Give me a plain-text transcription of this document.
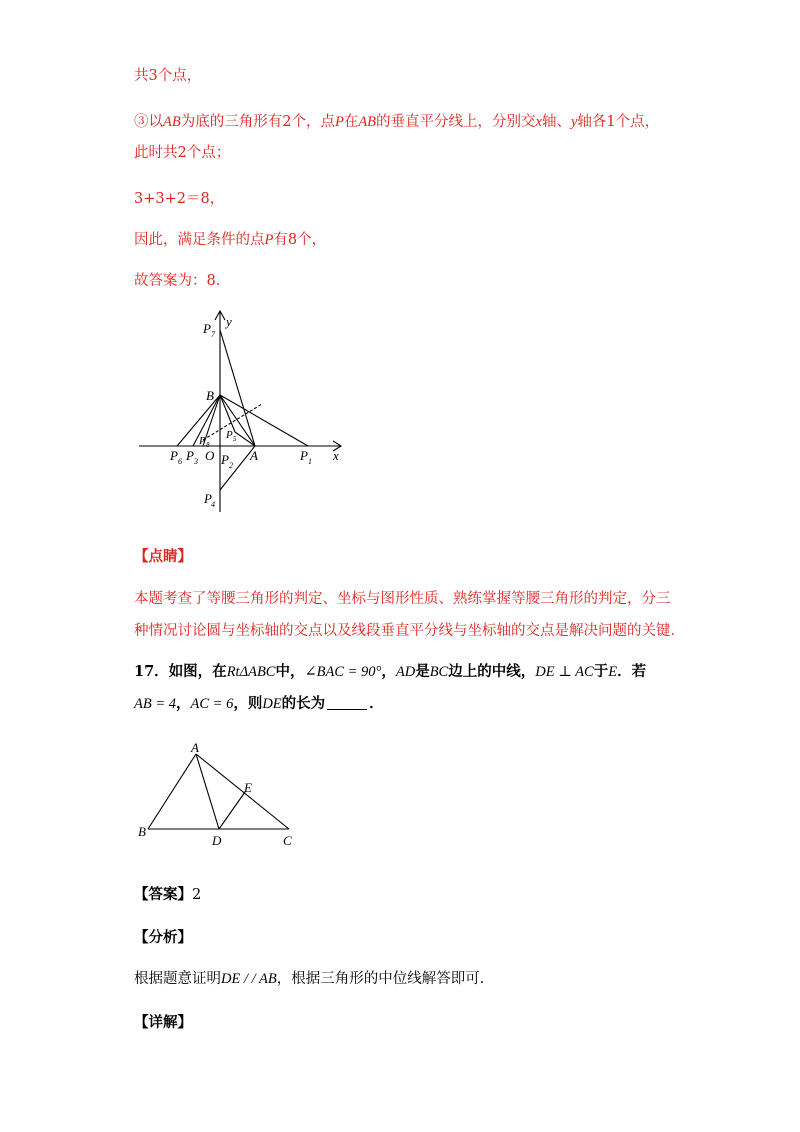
共3个点，
③以AB为底的三角形有2个，点P在AB的垂直平分线上，分别交x轴、y轴各1个点，
此时共2个点；
3+3+2＝8，
因此，满足条件的点P有8个，
故答案为：8．
y
x
B
O	A
P 7
P 1
P 2
P 3
P 4
P 5
P 6
P 8
【点睛】
本题考查了等腰三角形的判定、坐标与图形性质、熟练掌握等腰三角形的判定，分三
种情况讨论圆与坐标轴的交点以及线段垂直平分线与坐标轴的交点是解决问题的关键．
17．如图，在RtΔABC中，∠BAC = 90°，AD是BC边上的中线，DE ⊥ AC于E．若
AB = 4，AC = 6，则DE的长为	．
A
E
B
D	C
【答案】2
【分析】
根据题意证明DE / / AB，根据三角形的中位线解答即可．
【详解】
